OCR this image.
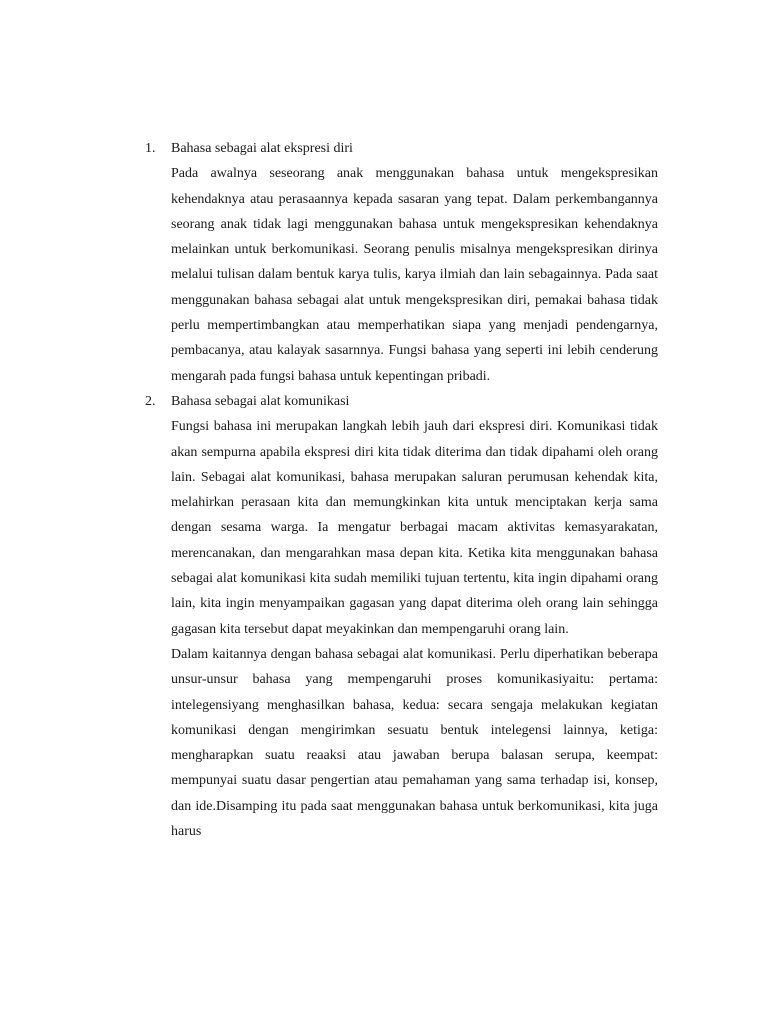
1. Bahasa sebagai alat ekspresi diri

Pada awalnya seseorang anak menggunakan bahasa untuk mengekspresikan kehendaknya atau perasaannya kepada sasaran yang tepat. Dalam perkembangannya seorang anak tidak lagi menggunakan bahasa untuk mengekspresikan kehendaknya melainkan untuk berkomunikasi. Seorang penulis misalnya mengekspresikan dirinya melalui tulisan dalam bentuk karya tulis, karya ilmiah dan lain sebagainnya. Pada saat menggunakan bahasa sebagai alat untuk mengekspresikan diri, pemakai bahasa tidak perlu mempertimbangkan atau memperhatikan siapa yang menjadi pendengarnya, pembacanya, atau kalayak sasarnnya. Fungsi bahasa yang seperti ini lebih cenderung mengarah pada fungsi bahasa untuk kepentingan pribadi.

2. Bahasa sebagai alat komunikasi

Fungsi bahasa ini merupakan langkah lebih jauh dari ekspresi diri. Komunikasi tidak akan sempurna apabila ekspresi diri kita tidak diterima dan tidak dipahami oleh orang lain. Sebagai alat komunikasi, bahasa merupakan saluran perumusan kehendak kita, melahirkan perasaan kita dan memungkinkan kita untuk menciptakan kerja sama dengan sesama warga. Ia mengatur berbagai macam aktivitas kemasyarakatan, merencanakan, dan mengarahkan masa depan kita. Ketika kita menggunakan bahasa sebagai alat komunikasi kita sudah memiliki tujuan tertentu, kita ingin dipahami orang lain, kita ingin menyampaikan gagasan yang dapat diterima oleh orang lain sehingga gagasan kita tersebut dapat meyakinkan dan mempengaruhi orang lain.

Dalam kaitannya dengan bahasa sebagai alat komunikasi. Perlu diperhatikan beberapa unsur-unsur bahasa yang mempengaruhi proses komunikasiyaitu: pertama: intelegensiyang menghasilkan bahasa, kedua: secara sengaja melakukan kegiatan komunikasi dengan mengirimkan sesuatu bentuk intelegensi lainnya, ketiga: mengharapkan suatu reaaksi atau jawaban berupa balasan serupa, keempat: mempunyai suatu dasar pengertian atau pemahaman yang sama terhadap isi, konsep, dan ide.Disamping itu pada saat menggunakan bahasa untuk berkomunikasi, kita juga harus
